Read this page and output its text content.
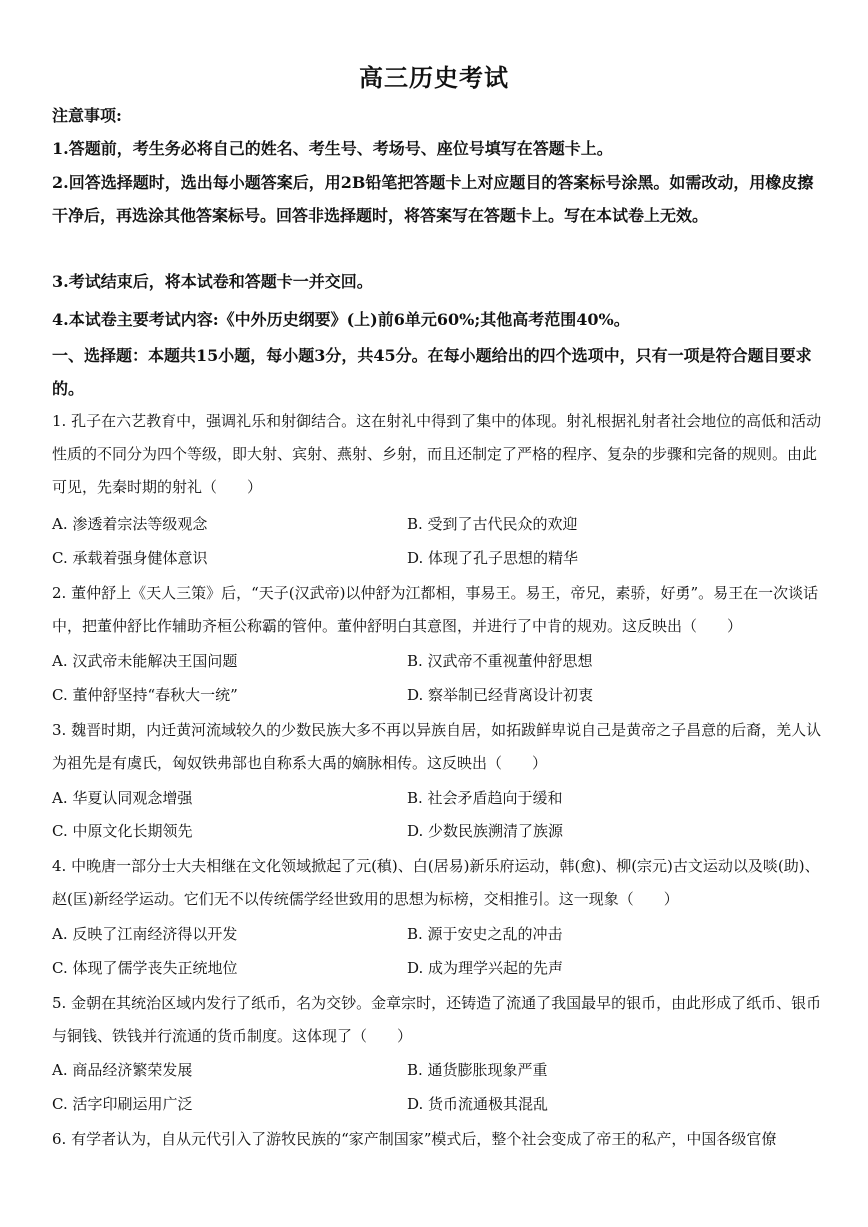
高三历史考试
注意事项:
1.答题前，考生务必将自己的姓名、考生号、考场号、座位号填写在答题卡上。
2.回答选择题时，选出每小题答案后，用2B铅笔把答题卡上对应题目的答案标号涂黑。如需改动，用橡皮擦干净后，再选涂其他答案标号。回答非选择题时，将答案写在答题卡上。写在本试卷上无效。
3.考试结束后，将本试卷和答题卡一并交回。
4.本试卷主要考试内容:《中外历史纲要》(上)前6单元60%;其他高考范围40%。
一、选择题：本题共15小题，每小题3分，共45分。在每小题给出的四个选项中，只有一项是符合题目要求的。
1. 孔子在六艺教育中，强调礼乐和射御结合。这在射礼中得到了集中的体现。射礼根据礼射者社会地位的高低和活动性质的不同分为四个等级，即大射、宾射、燕射、乡射，而且还制定了严格的程序、复杂的步骤和完备的规则。由此可见，先秦时期的射礼（　　）
A. 渗透着宗法等级观念	B. 受到了古代民众的欢迎
C. 承载着强身健体意识	D. 体现了孔子思想的精华
2. 董仲舒上《天人三策》后，“天子(汉武帝)以仲舒为江都相，事易王。易王，帝兄，素骄，好勇”。易王在一次谈话中，把董仲舒比作辅助齐桓公称霸的管仲。董仲舒明白其意图，并进行了中肯的规劝。这反映出（　　）
A. 汉武帝未能解决王国问题	B. 汉武帝不重视董仲舒思想
C. 董仲舒坚持“春秋大一统”	D. 察举制已经背离设计初衷
3. 魏晋时期，内迁黄河流域较久的少数民族大多不再以异族自居，如拓跋鲜卑说自己是黄帝之子昌意的后裔，羌人认为祖先是有虞氏，匈奴铁弗部也自称系大禹的嫡脉相传。这反映出（　　）
A. 华夏认同观念增强	B. 社会矛盾趋向于缓和
C. 中原文化长期领先	D. 少数民族溯清了族源
4. 中晚唐一部分士大夫相继在文化领域掀起了元(稹)、白(居易)新乐府运动，韩(愈)、柳(宗元)古文运动以及啖(助)、赵(匡)新经学运动。它们无不以传统儒学经世致用的思想为标榜，交相推引。这一现象（　　）
A. 反映了江南经济得以开发	B. 源于安史之乱的冲击
C. 体现了儒学丧失正统地位	D. 成为理学兴起的先声
5. 金朝在其统治区域内发行了纸币，名为交钞。金章宗时，还铸造了流通了我国最早的银币，由此形成了纸币、银币与铜钱、铁钱并行流通的货币制度。这体现了（　　）
A. 商品经济繁荣发展	B. 通货膨胀现象严重
C. 活字印刷运用广泛	D. 货币流通极其混乱
6. 有学者认为，自从元代引入了游牧民族的“家产制国家”模式后，整个社会变成了帝王的私产，中国各级官僚
